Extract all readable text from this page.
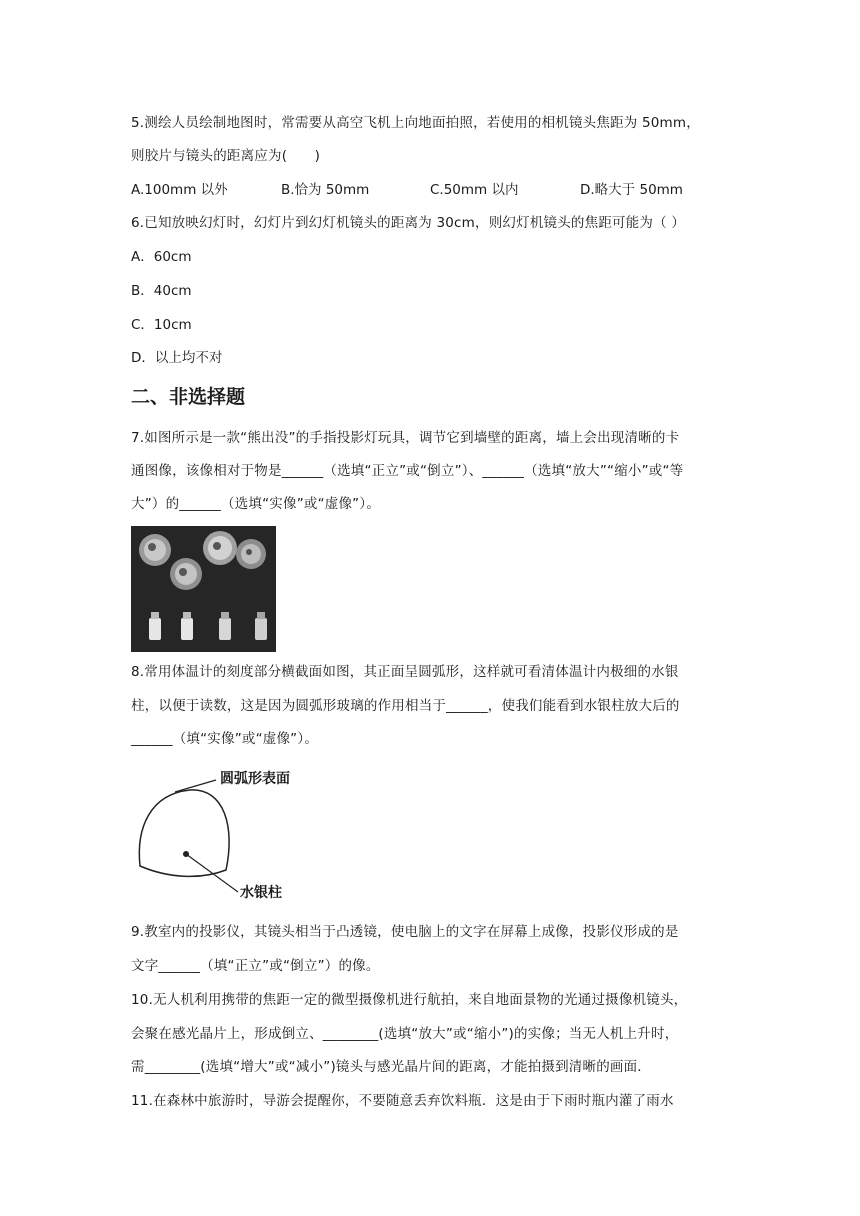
5.测绘人员绘制地图时，常需要从高空飞机上向地面拍照，若使用的相机镜头焦距为 50mm，
则胶片与镜头的距离应为(　　)
A.100mm 以外	B.恰为 50mm	C.50mm 以内	D.略大于 50mm
6.已知放映幻灯时，幻灯片到幻灯机镜头的距离为 30cm，则幻灯机镜头的焦距可能为（ ）
A．60cm
B．40cm
C．10cm
D．以上均不对
二、非选择题
7.如图所示是一款“熊出没”的手指投影灯玩具，调节它到墙壁的距离，墙上会出现清晰的卡
通图像，该像相对于物是______（选填“正立”或“倒立”）、______（选填“放大”“缩小”或“等
大”）的______（选填“实像”或“虚像”）。
8.常用体温计的刻度部分横截面如图，其正面呈圆弧形，这样就可看清体温计内极细的水银
柱，以便于读数，这是因为圆弧形玻璃的作用相当于______，使我们能看到水银柱放大后的
______（填“实像”或“虚像”）。
圆弧形表面
水银柱
9.教室内的投影仪，其镜头相当于凸透镜，使电脑上的文字在屏幕上成像，投影仪形成的是
文字______（填“正立”或“倒立”）的像。
10.无人机利用携带的焦距一定的微型摄像机进行航拍，来自地面景物的光通过摄像机镜头，
会聚在感光晶片上，形成倒立、________(选填“放大”或“缩小”)的实像；当无人机上升时，
需________(选填“增大”或“减小”)镜头与感光晶片间的距离，才能拍摄到清晰的画面.
11.在森林中旅游时，导游会提醒你，不要随意丢弃饮料瓶．这是由于下雨时瓶内灌了雨水
